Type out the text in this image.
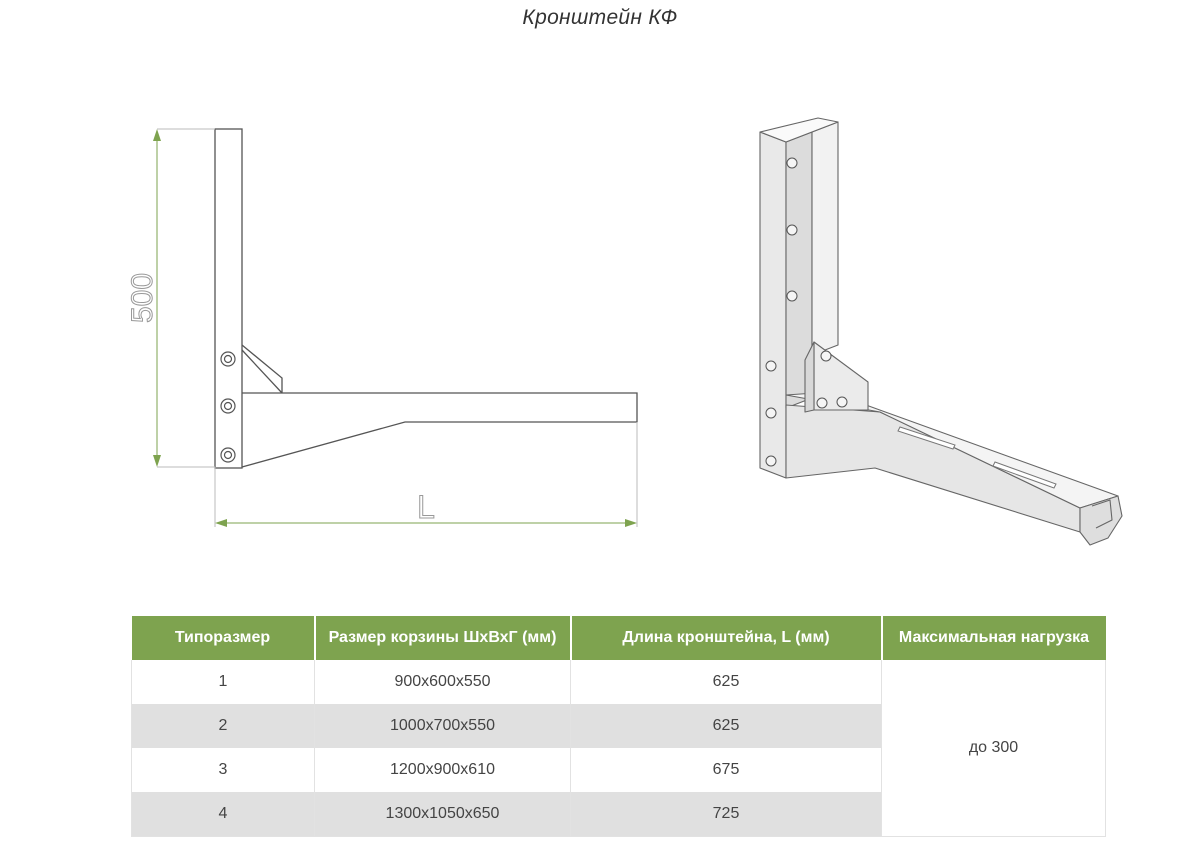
Кронштейн КФ
500
L
Типоразмер	Размер корзины ШхВхГ (мм)	Длина кронштейна, L (мм)	Максимальная нагрузка
1	900х600х550	625	до 300
2	1000х700х550	625	
3	1200х900х610	675	
4	1300х1050х650	725	
